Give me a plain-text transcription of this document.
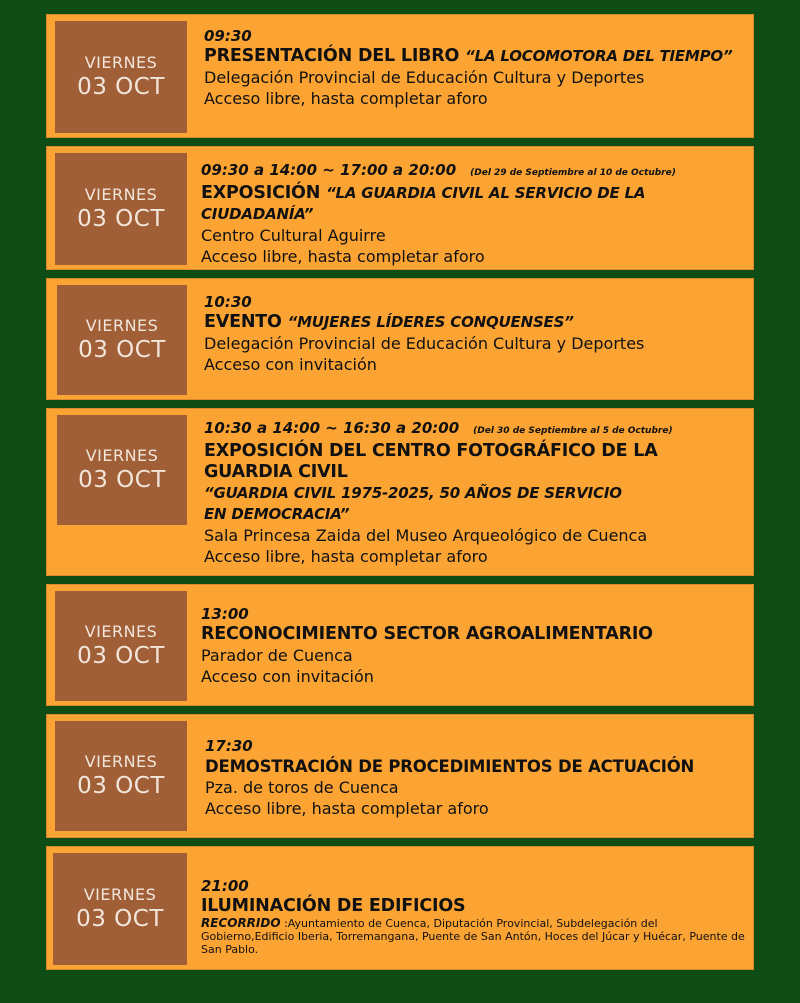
VIERNES
03 OCT
09:30
PRESENTACIÓN DEL LIBRO “LA LOCOMOTORA DEL TIEMPO”
Delegación Provincial de Educación Cultura y Deportes
Acceso libre, hasta completar aforo
VIERNES
03 OCT
09:30 a 14:00 ~ 17:00 a 20:00 (Del 29 de Septiembre al 10 de Octubre)
EXPOSICIÓN “LA GUARDIA CIVIL AL SERVICIO DE LA CIUDADANÍA”
Centro Cultural Aguirre
Acceso libre, hasta completar aforo
VIERNES
03 OCT
10:30
EVENTO “MUJERES LÍDERES CONQUENSES”
Delegación Provincial de Educación Cultura y Deportes
Acceso con invitación
VIERNES
03 OCT
10:30 a 14:00 ~ 16:30 a 20:00 (Del 30 de Septiembre al 5 de Octubre)
EXPOSICIÓN DEL CENTRO FOTOGRÁFICO DE LA GUARDIA CIVIL
“GUARDIA CIVIL 1975-2025, 50 AÑOS DE SERVICIO EN DEMOCRACIA”
Sala Princesa Zaida del Museo Arqueológico de Cuenca
Acceso libre, hasta completar aforo
VIERNES
03 OCT
13:00
RECONOCIMIENTO SECTOR AGROALIMENTARIO
Parador de Cuenca
Acceso con invitación
VIERNES
03 OCT
17:30
DEMOSTRACIÓN DE PROCEDIMIENTOS DE ACTUACIÓN
Pza. de toros de Cuenca
Acceso libre, hasta completar aforo
VIERNES
03 OCT
21:00
ILUMINACIÓN DE EDIFICIOS
RECORRIDO :Ayuntamiento de Cuenca, Diputación Provincial, Subdelegación del Gobierno,Edificio Iberia, Torremangana, Puente de San Antón, Hoces del Júcar y Huécar, Puente de San Pablo.
